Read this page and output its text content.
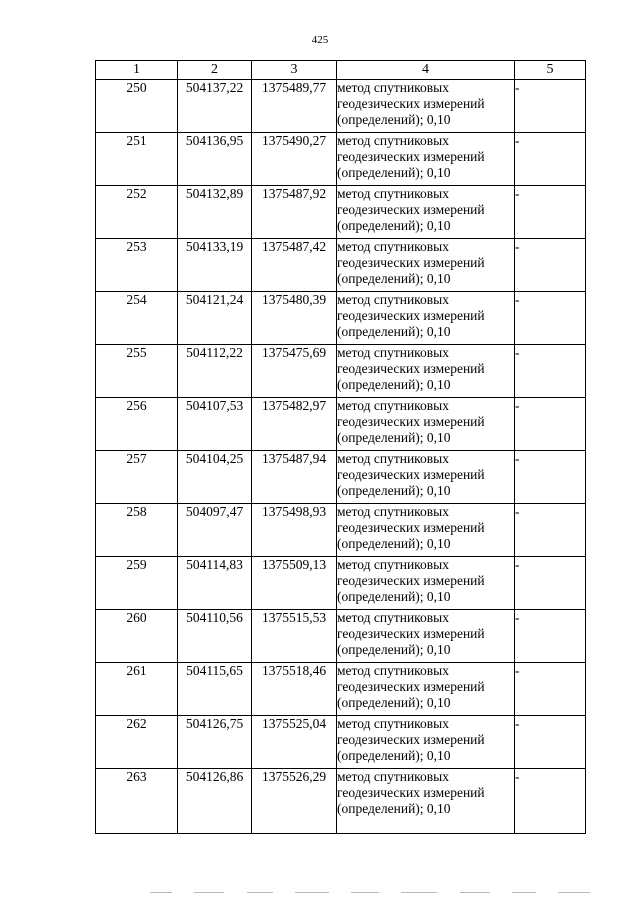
425
1	2	3	4	5
250	504137,22	1375489,77	метод спутниковых
геодезических измерений
(определений); 0,10	-
251	504136,95	1375490,27	метод спутниковых
геодезических измерений
(определений); 0,10	-
252	504132,89	1375487,92	метод спутниковых
геодезических измерений
(определений); 0,10	-
253	504133,19	1375487,42	метод спутниковых
геодезических измерений
(определений); 0,10	-
254	504121,24	1375480,39	метод спутниковых
геодезических измерений
(определений); 0,10	-
255	504112,22	1375475,69	метод спутниковых
геодезических измерений
(определений); 0,10	-
256	504107,53	1375482,97	метод спутниковых
геодезических измерений
(определений); 0,10	-
257	504104,25	1375487,94	метод спутниковых
геодезических измерений
(определений); 0,10	-
258	504097,47	1375498,93	метод спутниковых
геодезических измерений
(определений); 0,10	-
259	504114,83	1375509,13	метод спутниковых
геодезических измерений
(определений); 0,10	-
260	504110,56	1375515,53	метод спутниковых
геодезических измерений
(определений); 0,10	-
261	504115,65	1375518,46	метод спутниковых
геодезических измерений
(определений); 0,10	-
262	504126,75	1375525,04	метод спутниковых
геодезических измерений
(определений); 0,10	-
263	504126,86	1375526,29	метод спутниковых
геодезических измерений
(определений); 0,10	-
